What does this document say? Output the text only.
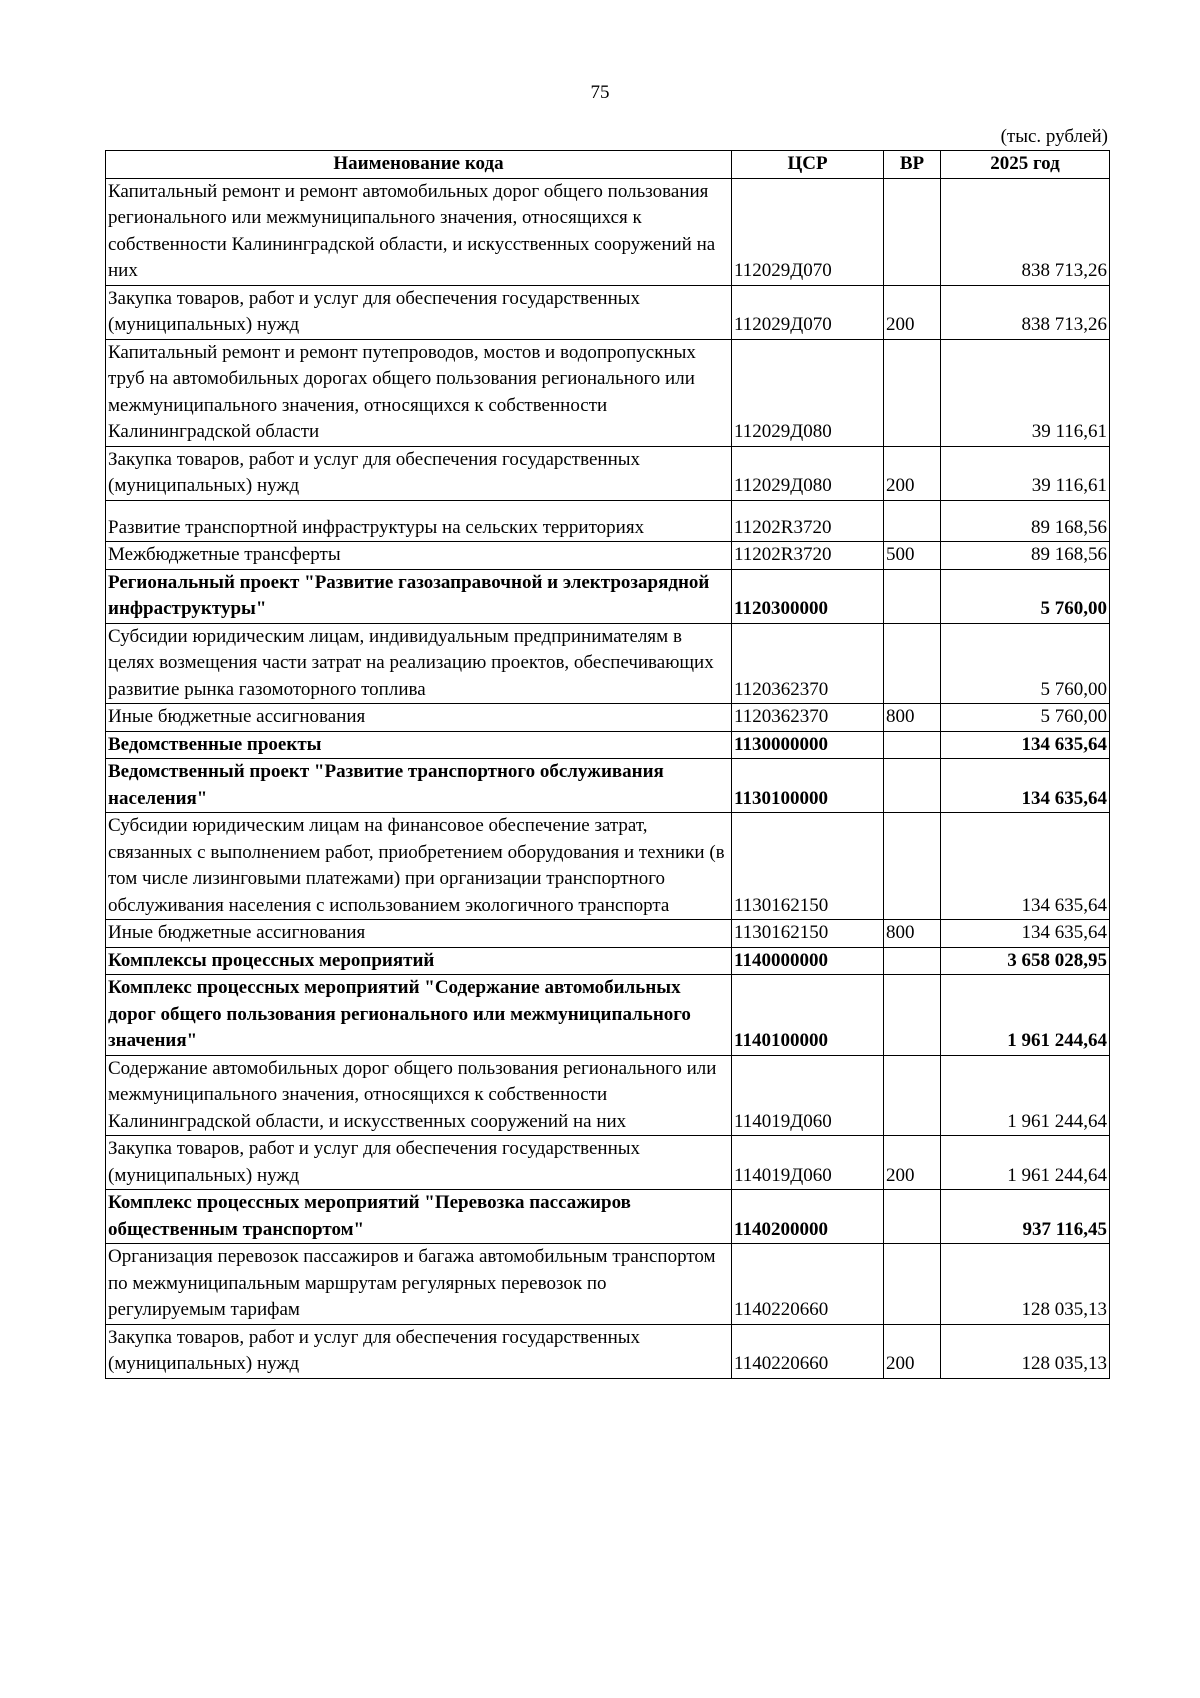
75
(тыс. рублей)
Наименование кода	ЦСР	ВР	2025 год
Капитальный ремонт и ремонт автомобильных дорог общего пользования регионального или межмуниципального значения, относящихся к собственности Калининградской области, и искусственных сооружений на них	112029Д070		838 713,26
Закупка товаров, работ и услуг для обеспечения государственных (муниципальных) нужд	112029Д070	200	838 713,26
Капитальный ремонт и ремонт путепроводов, мостов и водопропускных труб на автомобильных дорогах общего пользования регионального или межмуниципального значения, относящихся к собственности Калининградской области	112029Д080		39 116,61
Закупка товаров, работ и услуг для обеспечения государственных (муниципальных) нужд	112029Д080	200	39 116,61
Развитие транспортной инфраструктуры на сельских территориях	11202R3720		89 168,56
Межбюджетные трансферты	11202R3720	500	89 168,56
Региональный проект "Развитие газозаправочной и электрозарядной инфраструктуры"	1120300000		5 760,00
Субсидии юридическим лицам, индивидуальным предпринимателям в целях возмещения части затрат на реализацию проектов, обеспечивающих развитие рынка газомоторного топлива	1120362370		5 760,00
Иные бюджетные ассигнования	1120362370	800	5 760,00
Ведомственные проекты	1130000000		134 635,64
Ведомственный проект "Развитие транспортного обслуживания населения"	1130100000		134 635,64
Субсидии юридическим лицам на финансовое обеспечение затрат, связанных с выполнением работ, приобретением оборудования и техники (в том числе лизинговыми платежами) при организации транспортного обслуживания населения с использованием экологичного транспорта	1130162150		134 635,64
Иные бюджетные ассигнования	1130162150	800	134 635,64
Комплексы процессных мероприятий	1140000000		3 658 028,95
Комплекс процессных мероприятий "Содержание автомобильных дорог общего пользования регионального или межмуниципального значения"	1140100000		1 961 244,64
Содержание автомобильных дорог общего пользования регионального или межмуниципального значения, относящихся к собственности Калининградской области, и искусственных сооружений на них	114019Д060		1 961 244,64
Закупка товаров, работ и услуг для обеспечения государственных (муниципальных) нужд	114019Д060	200	1 961 244,64
Комплекс процессных мероприятий "Перевозка пассажиров общественным транспортом"	1140200000		937 116,45
Организация перевозок пассажиров и багажа автомобильным транспортом по межмуниципальным маршрутам регулярных перевозок по регулируемым тарифам	1140220660		128 035,13
Закупка товаров, работ и услуг для обеспечения государственных (муниципальных) нужд	1140220660	200	128 035,13
